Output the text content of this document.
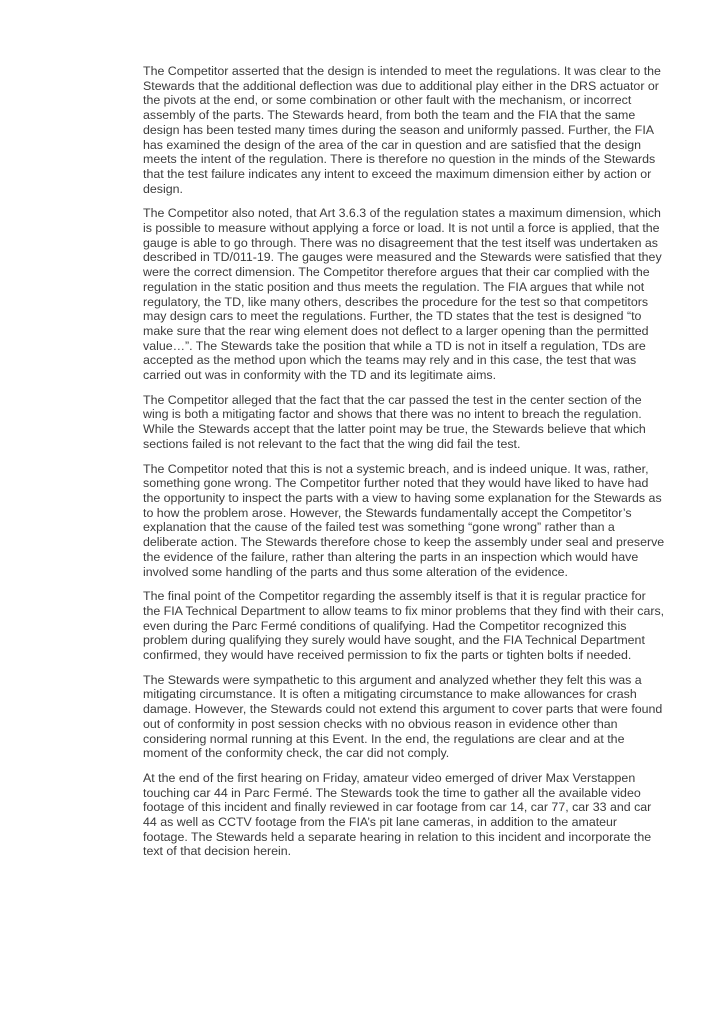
The Competitor asserted that the design is intended to meet the regulations. It was clear to the Stewards that the additional deflection was due to additional play either in the DRS actuator or the pivots at the end, or some combination or other fault with the mechanism, or incorrect assembly of the parts. The Stewards heard, from both the team and the FIA that the same design has been tested many times during the season and uniformly passed. Further, the FIA has examined the design of the area of the car in question and are satisfied that the design meets the intent of the regulation. There is therefore no question in the minds of the Stewards that the test failure indicates any intent to exceed the maximum dimension either by action or design.

The Competitor also noted, that Art 3.6.3 of the regulation states a maximum dimension, which is possible to measure without applying a force or load. It is not until a force is applied, that the gauge is able to go through. There was no disagreement that the test itself was undertaken as described in TD/011-19. The gauges were measured and the Stewards were satisfied that they were the correct dimension. The Competitor therefore argues that their car complied with the regulation in the static position and thus meets the regulation. The FIA argues that while not regulatory, the TD, like many others, describes the procedure for the test so that competitors may design cars to meet the regulations. Further, the TD states that the test is designed “to make sure that the rear wing element does not deflect to a larger opening than the permitted value…”. The Stewards take the position that while a TD is not in itself a regulation, TDs are accepted as the method upon which the teams may rely and in this case, the test that was carried out was in conformity with the TD and its legitimate aims.

The Competitor alleged that the fact that the car passed the test in the center section of the wing is both a mitigating factor and shows that there was no intent to breach the regulation. While the Stewards accept that the latter point may be true, the Stewards believe that which sections failed is not relevant to the fact that the wing did fail the test.

The Competitor noted that this is not a systemic breach, and is indeed unique. It was, rather, something gone wrong. The Competitor further noted that they would have liked to have had the opportunity to inspect the parts with a view to having some explanation for the Stewards as to how the problem arose. However, the Stewards fundamentally accept the Competitor’s explanation that the cause of the failed test was something “gone wrong” rather than a deliberate action. The Stewards therefore chose to keep the assembly under seal and preserve the evidence of the failure, rather than altering the parts in an inspection which would have involved some handling of the parts and thus some alteration of the evidence.

The final point of the Competitor regarding the assembly itself is that it is regular practice for the FIA Technical Department to allow teams to fix minor problems that they find with their cars, even during the Parc Fermé conditions of qualifying. Had the Competitor recognized this problem during qualifying they surely would have sought, and the FIA Technical Department confirmed, they would have received permission to fix the parts or tighten bolts if needed.

The Stewards were sympathetic to this argument and analyzed whether they felt this was a mitigating circumstance. It is often a mitigating circumstance to make allowances for crash damage. However, the Stewards could not extend this argument to cover parts that were found out of conformity in post session checks with no obvious reason in evidence other than considering normal running at this Event. In the end, the regulations are clear and at the moment of the conformity check, the car did not comply.

At the end of the first hearing on Friday, amateur video emerged of driver Max Verstappen touching car 44 in Parc Fermé. The Stewards took the time to gather all the available video footage of this incident and finally reviewed in car footage from car 14, car 77, car 33 and car 44 as well as CCTV footage from the FIA’s pit lane cameras, in addition to the amateur footage. The Stewards held a separate hearing in relation to this incident and incorporate the text of that decision herein.
